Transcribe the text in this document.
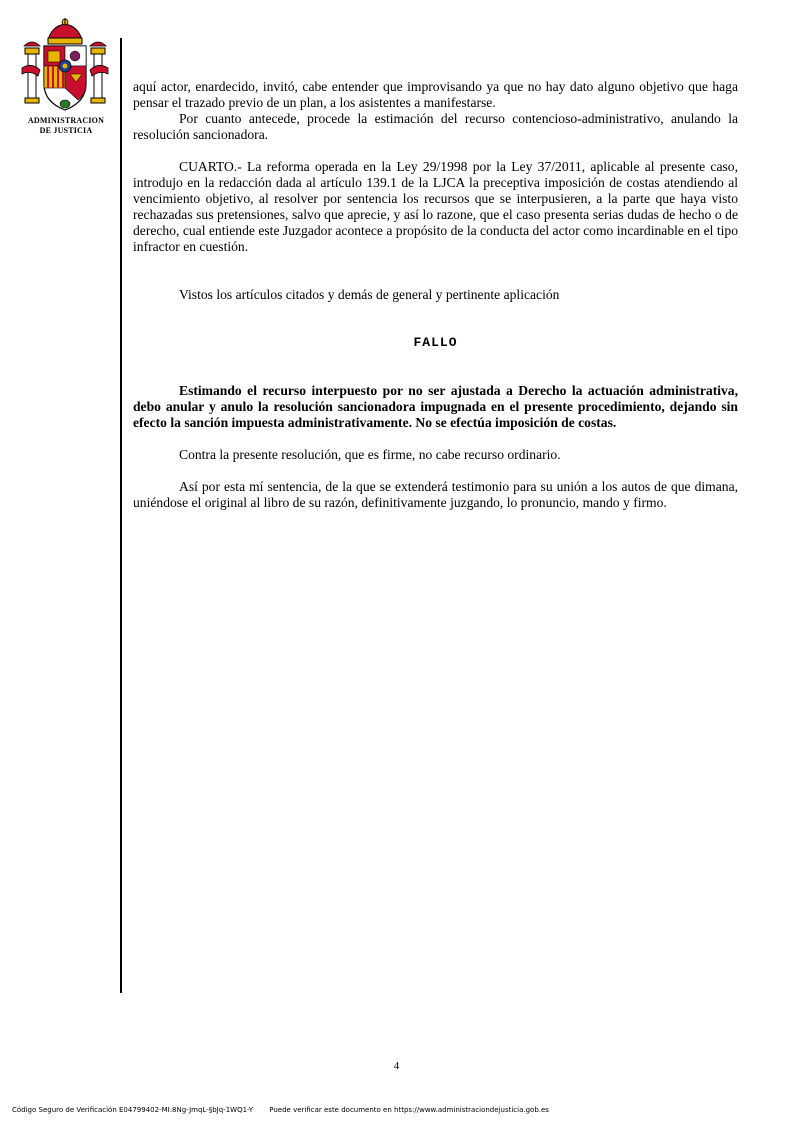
ADMINISTRACION
DE JUSTICIA

aquí actor, enardecido, invitó, cabe entender que improvisando ya que no hay dato alguno objetivo que haga pensar el trazado previo de un plan, a los asistentes a manifestarse.

Por cuanto antecede, procede la estimación del recurso contencioso-administrativo, anulando la resolución sancionadora.

CUARTO.- La reforma operada en la Ley 29/1998 por la Ley 37/2011, aplicable al presente caso, introdujo en la redacción dada al artículo 139.1 de la LJCA la preceptiva imposición de costas atendiendo al vencimiento objetivo, al resolver por sentencia los recursos que se interpusieren, a la parte que haya visto rechazadas sus pretensiones, salvo que aprecie, y así lo razone, que el caso presenta serias dudas de hecho o de derecho, cual entiende este Juzgador acontece a propósito de la conducta del actor como incardinable en el tipo infractor en cuestión.

Vistos los artículos citados y demás de general y pertinente aplicación

FALLO

Estimando el recurso interpuesto por no ser ajustada a Derecho la actuación administrativa, debo anular y anulo la resolución sancionadora impugnada en el presente procedimiento, dejando sin efecto la sanción impuesta administrativamente. No se efectúa imposición de costas.

Contra la presente resolución, que es firme, no cabe recurso ordinario.

Así por esta mí sentencia, de la que se extenderá testimonio para su unión a los autos de que dimana, uniéndose el original al libro de su razón, definitivamente juzgando, lo pronuncio, mando y firmo.

4
Código Seguro de Verificación E04799402-MI:8Ng-JmqL-§bJq-1WQ1-Y Puede verificar este documento en https://www.administraciondejusticia.gob.es
